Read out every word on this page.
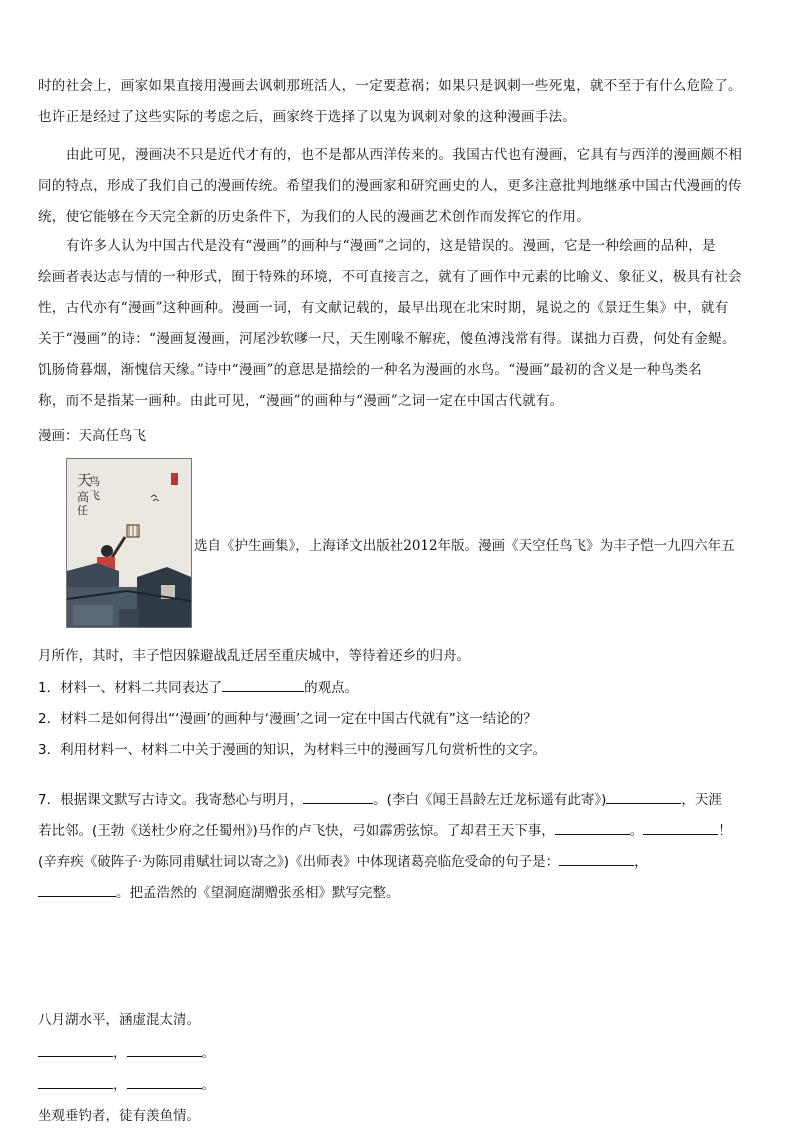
时的社会上，画家如果直接用漫画去讽刺那班活人，一定要惹祸；如果只是讽刺一些死鬼，就不至于有什么危险了。

也许正是经过了这些实际的考虑之后，画家终于选择了以鬼为讽刺对象的这种漫画手法。

由此可见，漫画决不只是近代才有的，也不是都从西洋传来的。我国古代也有漫画，它具有与西洋的漫画颇不相

同的特点，形成了我们自己的漫画传统。希望我们的漫画家和研究画史的人，更多注意批判地继承中国古代漫画的传

统，使它能够在今天完全新的历史条件下，为我们的人民的漫画艺术创作而发挥它的作用。

有许多人认为中国古代是没有“漫画”的画种与“漫画”之词的，这是错误的。漫画，它是一种绘画的品种，是

绘画者表达志与情的一种形式，囿于特殊的环境，不可直接言之，就有了画作中元素的比喻义、象征义，极具有社会

性，古代亦有“漫画”这种画种。漫画一词，有文献记载的，最早出现在北宋时期，晁说之的《景迂生集》中，就有

关于“漫画”的诗：“漫画复漫画，河尾沙软嗲一尺，天生刚喙不解疣，傻鱼溥浅常有得。谋拙力百费，何处有金鳀。

饥肠倚暮烟，渐愧信天缘。”诗中“漫画”的意思是描绘的一种名为漫画的水鸟。“漫画”最初的含义是一种鸟类名

称，而不是指某一画种。由此可见，“漫画”的画种与“漫画”之词一定在中国古代就有。

漫画：天高任鸟飞
天
高
任
鸟
飞
选自《护生画集》，上海译文出版社2012年版。漫画《天空任鸟飞》为丰子恺一九四六年五
月所作，其时，丰子恺因躲避战乱迁居至重庆城中，等待着还乡的归舟。
1．材料一、材料二共同表达了	的观点。
2．材料二是如何得出“‘漫画’的画种与‘漫画’之词一定在中国古代就有”这一结论的？
3．利用材料一、材料二中关于漫画的知识，为材料三中的漫画写几句赏析性的文字。
7．根据课文默写古诗文。我寄愁心与明月，	。(李白《闻王昌龄左迁龙标遥有此寄》)	，天涯
若比邻。(王勃《送杜少府之任蜀州》)马作的卢飞快，弓如霹雳弦惊。了却君王天下事，	。	！
(辛弃疾《破阵子·为陈同甫赋壮词以寄之》)《出师表》中体现诸葛亮临危受命的句子是：	，
。把孟浩然的《望洞庭湖赠张丞相》默写完整。
八月湖水平，涵虚混太清。
，	。
，	。
坐观垂钓者，徒有羡鱼情。
